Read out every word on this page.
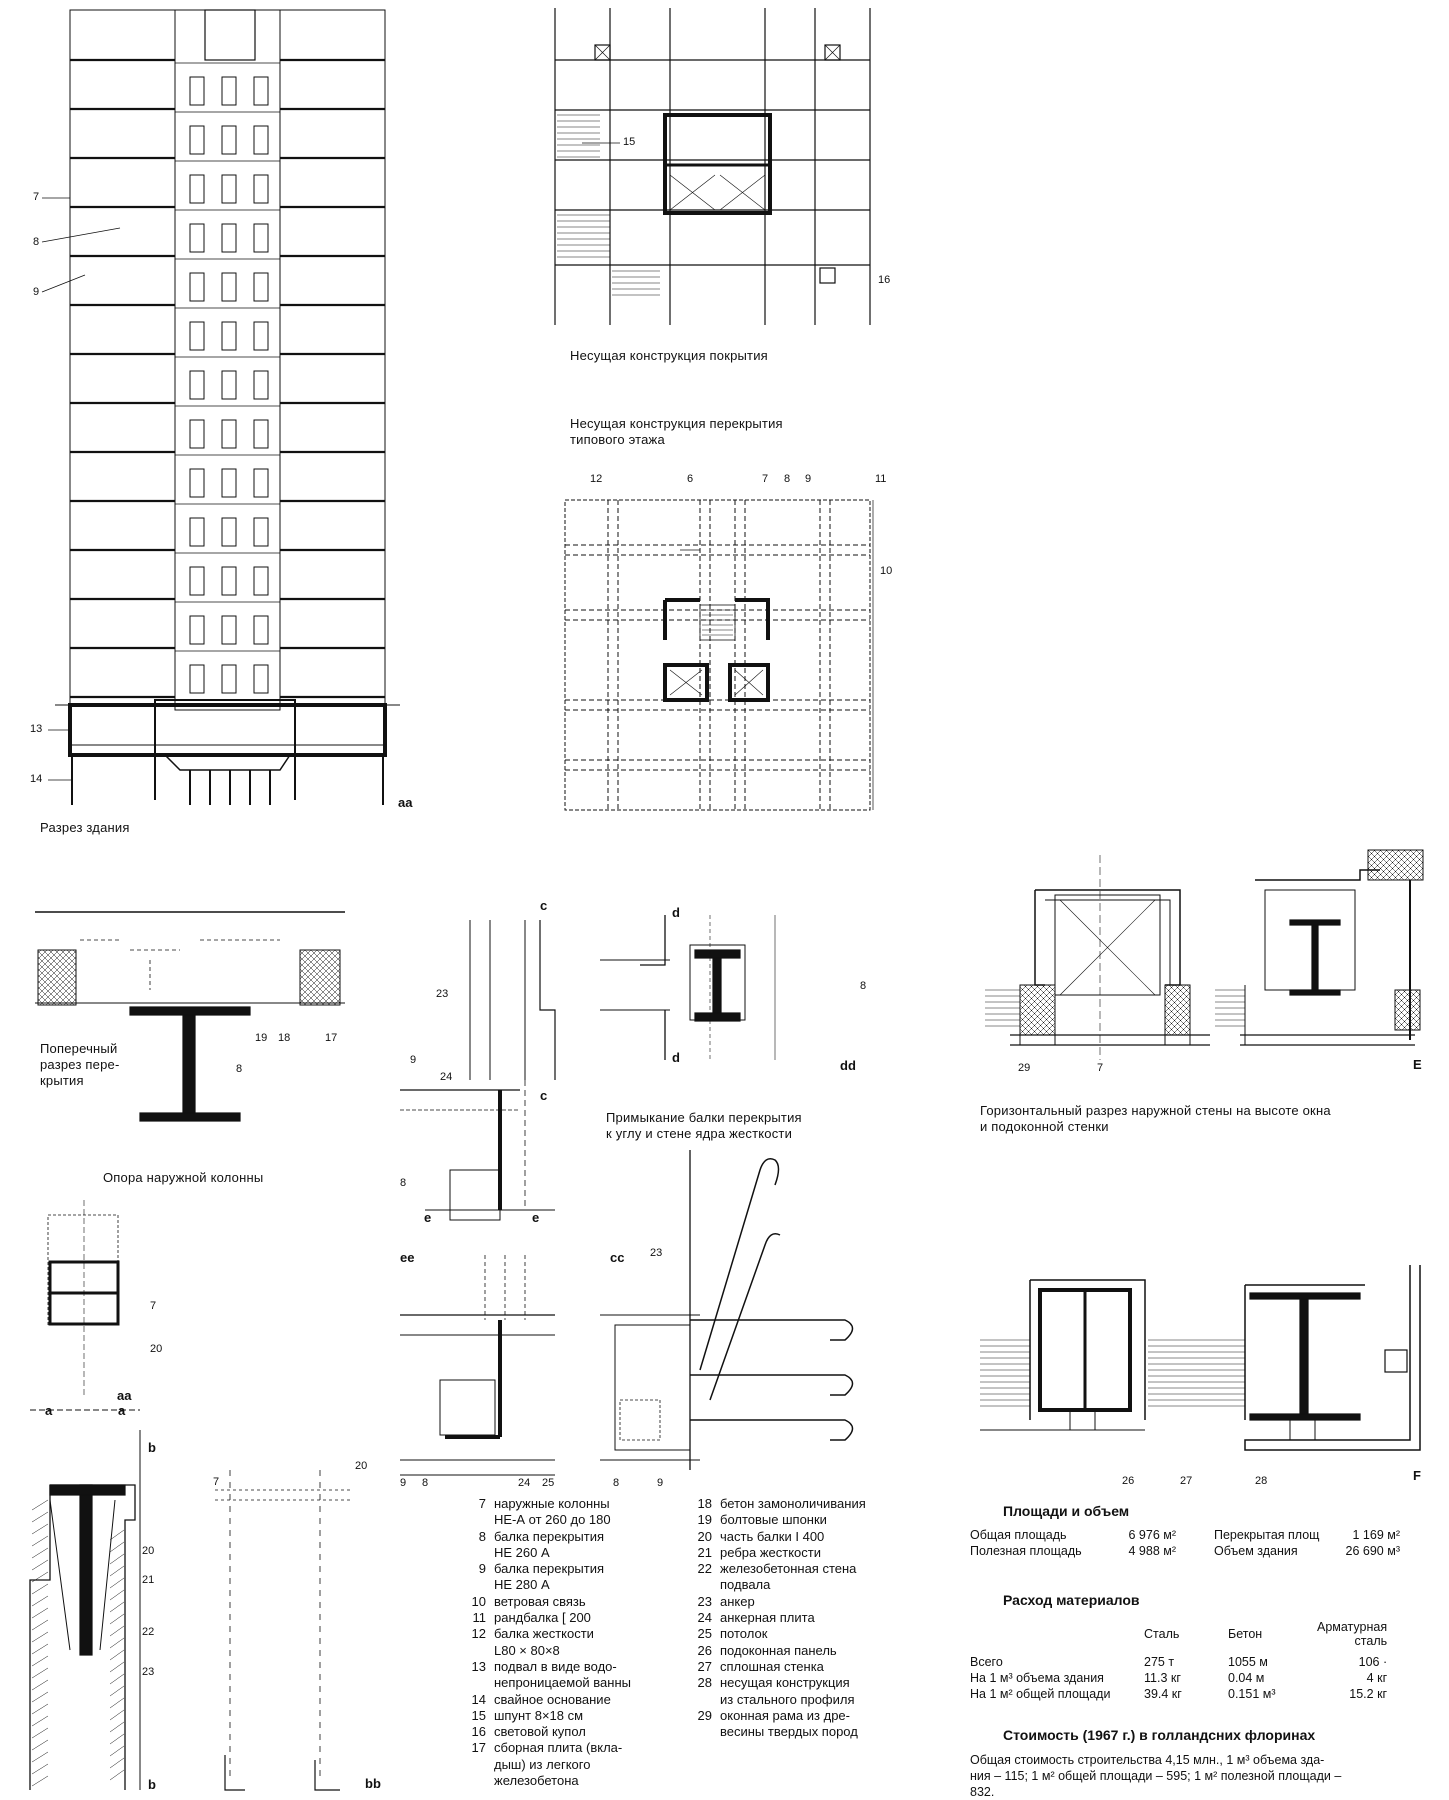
Разрез здания
Несущая конструкция покрытия
Несущая конструкция перекрытия
типового этажа
Поперечный
разрез пере-
крытия
Опора наружной колонны
Примыкание балки перекрытия
к углу и стене ядра жесткости
Горизонтальный разрез наружной стены на высоте окна
и подоконной стенки
аа
аа
bb
сс
dd
ее
E
F
a	a
b
b
c
c
d
d
e	e
7
8
9
13
14
15
16
12	6	7 8 9	11
10
19 18	17
8
23
9
24
8
8
29	7
7
20
7
20
20
21
22
23
23
9 8	24 25	8	9	26	27	28
7 наружные колонны
НЕ-А от 260 до 180
8 балка перекрытия
НЕ 260 А
9 балка перекрытия
НЕ 280 А
10 ветровая связь
11 рандбалка [ 200
12 балка жесткости
L80 × 80×8
13 подвал в виде водо-
непроницаемой ванны
14 свайное основание
15 шпунт 8×18 см
16 световой купол
17 сборная плита (вкла-
дыш) из легкого
железобетона
18 бетон замоноличивания
19 болтовые шпонки
20 часть балки I 400
21 ребра жесткости
22 железобетонная стена
подвала
23 анкер
24 анкерная плита
25 потолок
26 подоконная панель
27 сплошная стенка
28 несущая конструкция
из стального профиля
29 оконная рама из дре-
весины твердых пород
Площади и объем
Общая площадь	6 976 м²		Перекрытая площ	1 169 м²
Полезная площадь	4 988 м²		Объем здания	26 690 м³
Расход материалов
	Сталь	Бетон	Арматурная сталь

Всего	275 т	1055 м	106 ·
На 1 м³ объема здания	11.3 кг	0.04 м	4 кг
На 1 м² общей площади	39.4 кг	0.151 м³	15.2 кг
Стоимость (1967 г.) в голландсних флоринах
Общая стоимость строительства 4,15 млн., 1 м³ объема зда-
ния – 115; 1 м² общей площади – 595; 1 м² полезной площади –
832.
